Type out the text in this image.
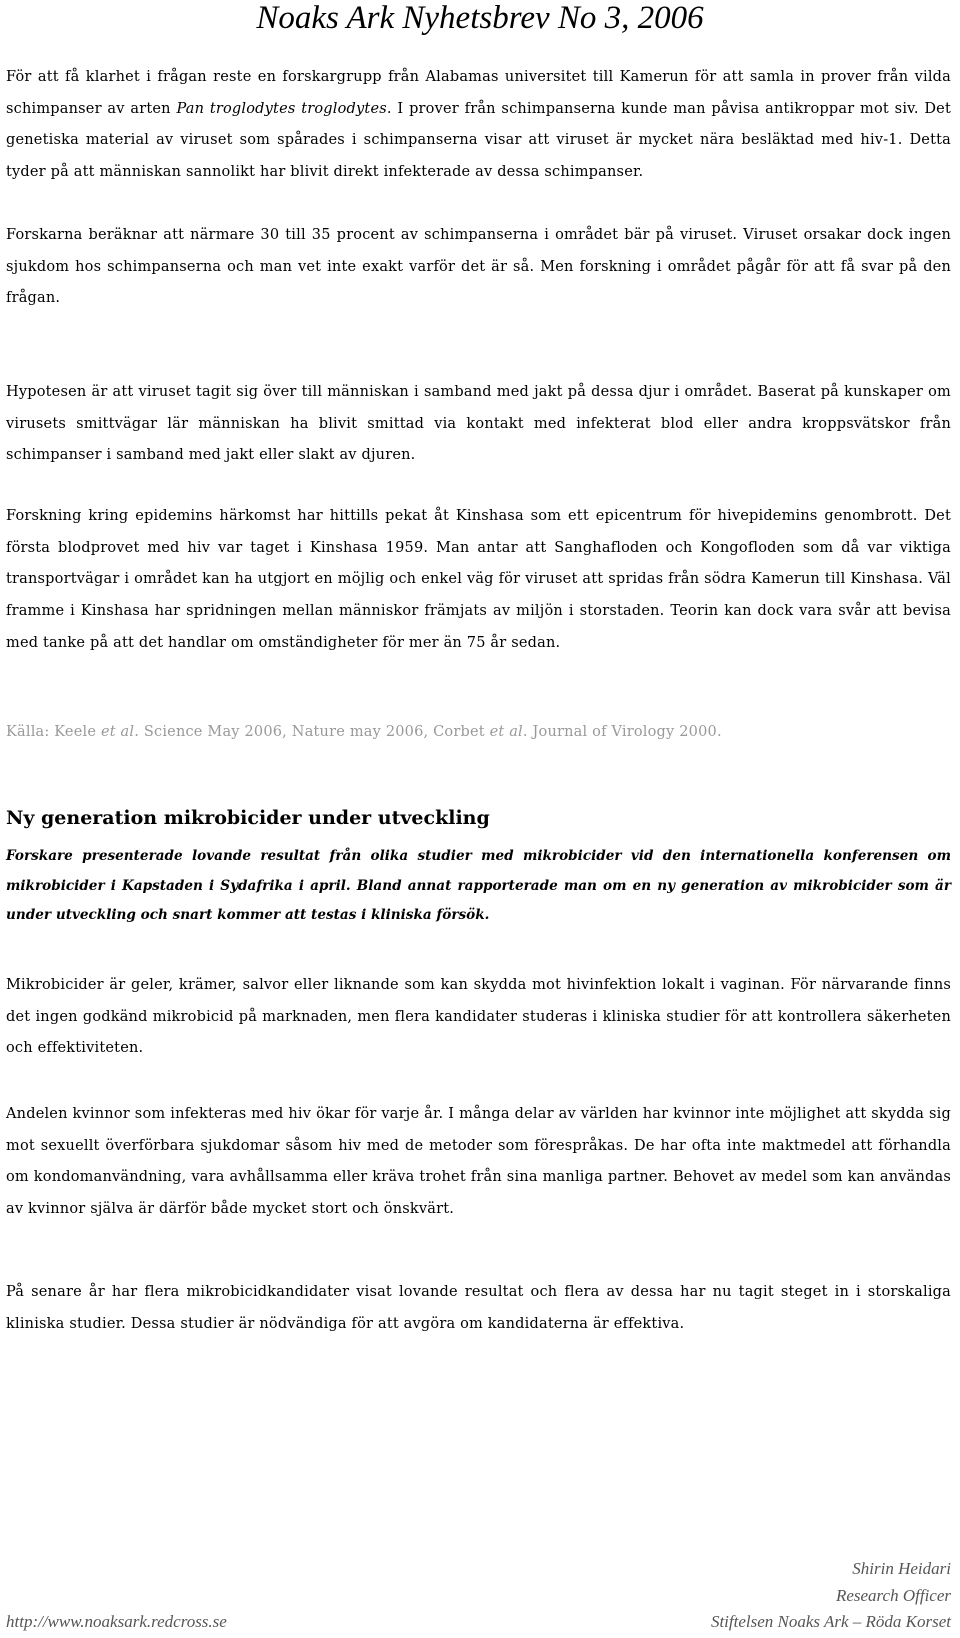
Noaks Ark Nyhetsbrev No 3, 2006

För att få klarhet i frågan reste en forskargrupp från Alabamas universitet till Kamerun för att samla in prover från vilda schimpanser av arten Pan troglodytes troglodytes. I prover från schimpanserna kunde man påvisa antikroppar mot siv. Det genetiska material av viruset som spårades i schimpanserna visar att viruset är mycket nära besläktad med hiv-1. Detta tyder på att människan sannolikt har blivit direkt infekterade av dessa schimpanser.

Forskarna beräknar att närmare 30 till 35 procent av schimpanserna i området bär på viruset. Viruset orsakar dock ingen sjukdom hos schimpanserna och man vet inte exakt varför det är så. Men forskning i området pågår för att få svar på den frågan.

Hypotesen är att viruset tagit sig över till människan i samband med jakt på dessa djur i området. Baserat på kunskaper om virusets smittvägar lär människan ha blivit smittad via kontakt med infekterat blod eller andra kroppsvätskor från schimpanser i samband med jakt eller slakt av djuren.

Forskning kring epidemins härkomst har hittills pekat åt Kinshasa som ett epicentrum för hivepidemins genombrott. Det första blodprovet med hiv var taget i Kinshasa 1959. Man antar att Sanghafloden och Kongofloden som då var viktiga transportvägar i området kan ha utgjort en möjlig och enkel väg för viruset att spridas från södra Kamerun till Kinshasa. Väl framme i Kinshasa har spridningen mellan människor främjats av miljön i storstaden. Teorin kan dock vara svår att bevisa med tanke på att det handlar om omständigheter för mer än 75 år sedan.

Källa: Keele et al. Science May 2006, Nature may 2006, Corbet et al. Journal of Virology 2000.

Ny generation mikrobicider under utveckling

Forskare presenterade lovande resultat från olika studier med mikrobicider vid den internationella konferensen om mikrobicider i Kapstaden i Sydafrika i april. Bland annat rapporterade man om en ny generation av mikrobicider som är under utveckling och snart kommer att testas i kliniska försök.

Mikrobicider är geler, krämer, salvor eller liknande som kan skydda mot hivinfektion lokalt i vaginan. För närvarande finns det ingen godkänd mikrobicid på marknaden, men flera kandidater studeras i kliniska studier för att kontrollera säkerheten och effektiviteten.

Andelen kvinnor som infekteras med hiv ökar för varje år. I många delar av världen har kvinnor inte möjlighet att skydda sig mot sexuellt överförbara sjukdomar såsom hiv med de metoder som förespråkas. De har ofta inte maktmedel att förhandla om kondomanvändning, vara avhållsamma eller kräva trohet från sina manliga partner. Behovet av medel som kan användas av kvinnor själva är därför både mycket stort och önskvärt.

På senare år har flera mikrobicidkandidater visat lovande resultat och flera av dessa har nu tagit steget in i storskaliga kliniska studier. Dessa studier är nödvändiga för att avgöra om kandidaterna är effektiva.

Shirin Heidari

Research Officer

Stiftelsen Noaks Ark – Röda Korset

http://www.noaksark.redcross.se
